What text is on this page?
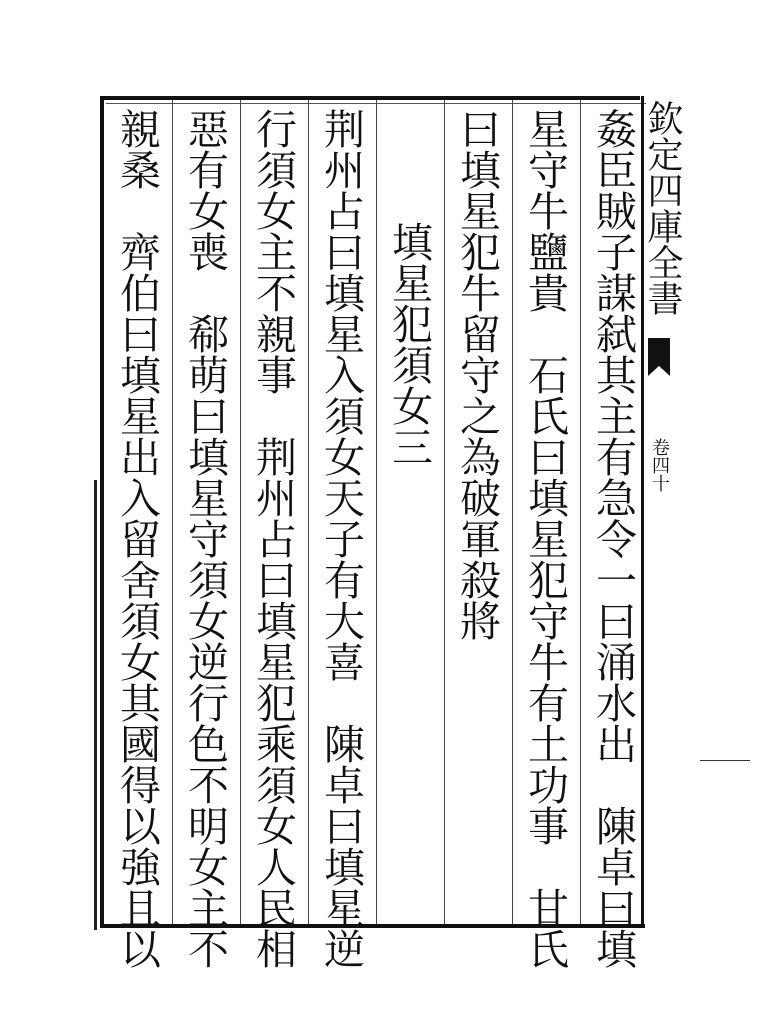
欽定四庫全書
卷四十
姦臣賊子謀弑其主有急令一曰涌水出　陳卓曰填
星守牛鹽貴　石氏曰填星犯守牛有土功事　甘氏
曰填星犯牛留守之為破軍殺將
　填星犯須女三
荆州占曰填星入須女天子有大喜　陳卓曰填星逆
行須女主不親事　荆州占曰填星犯乘須女人民相
惡有女喪　郗萌曰填星守須女逆行色不明女主不
親桑　齊伯曰填星出入留舍須女其國得以強且以
